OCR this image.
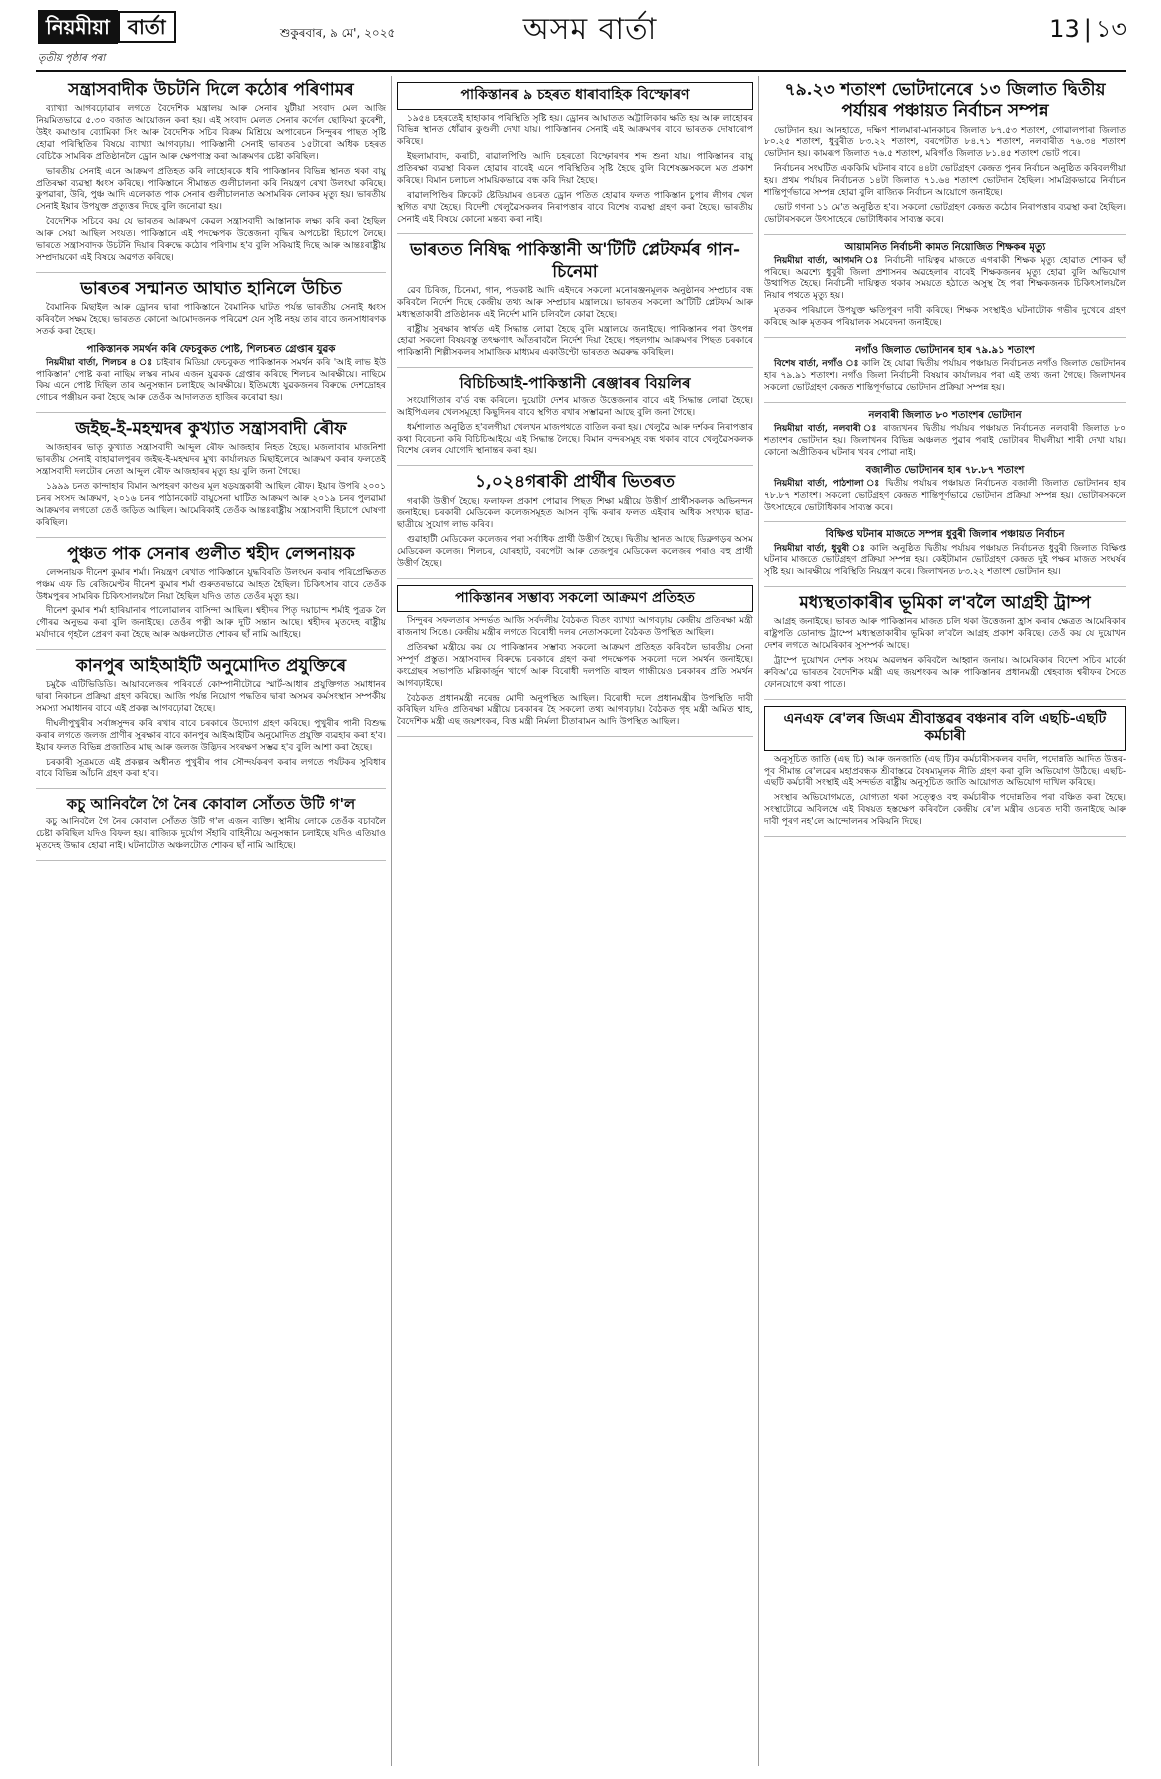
নিয়মীয়া বাৰ্তা	শুকুৰবাৰ, ৯ মে', ২০২৫	অসম বাৰ্তা	13 | ১৩
তৃতীয় পৃষ্ঠাৰ পৰা
সন্ত্ৰাসবাদীক উচটনি দিলে কঠোৰ পৰিণামৰ

ব্যাখ্যা আগবঢ়োৱাৰ লগতে বৈদেশিক মন্ত্ৰালয় আৰু সেনাৰ যুটীয়া সংবাদ মেল আজি নিয়মিতভাৱে ৫.৩০ বজাত আয়োজন কৰা হয়। এই সংবাদ মেলত সেনাৰ কৰ্ণেল ছোফিয়া কুৰেশী, উইং কমাণ্ডাৰ ব্যোমিকা সিং আৰু বৈদেশিক সচিব বিক্ৰম মিশ্ৰিয়ে অপাৰেচন সিন্দুৰৰ পাছত সৃষ্টি হোৱা পৰিস্থিতিৰ বিষয়ে ব্যাখ্যা আগবঢ়ায়। পাকিস্তানী সেনাই ভাৰতৰ ১৫টাৰো অধিক চহৰত বেচিকৈ সামৰিক প্ৰতিষ্ঠানলৈ ড্ৰোন আৰু ক্ষেপণাস্ত্ৰ কৰা আক্ৰমণৰ চেষ্টা কৰিছিল।

ভাৰতীয় সেনাই এনে আক্ৰমণ প্ৰতিহত কৰি লাহোৰকে ধৰি পাকিস্তানৰ বিভিন্ন স্থানত থকা বায়ু প্ৰতিৰক্ষা ব্যৱস্থা ধ্বংস কৰিছে। পাকিস্তানে সীমান্তত গুলীচালনা কৰি নিয়ন্ত্ৰণ ৰেখা উলংঘা কৰিছে। কুপৱাৰা, উৰি, পুঞ্চ আদি এলেকাত পাক সেনাৰ গুলীচালনাত অসামৰিক লোকৰ মৃত্যু হয়। ভাৰতীয় সেনাই ইয়াৰ উপযুক্ত প্ৰত্যুত্তৰ দিছে বুলি জনোৱা হয়।

বৈদেশিক সচিবে কয় যে ভাৰতৰ আক্ৰমণ কেৱল সন্ত্ৰাসবাদী আস্তানাক লক্ষ্য কৰি কৰা হৈছিল আৰু সেয়া আছিল সংযত। পাকিস্তানে এই পদক্ষেপক উত্তেজনা বৃদ্ধিৰ অপচেষ্টা হিচাপে লৈছে। ভাৰতে সন্ত্ৰাসবাদক উচটনি দিয়াৰ বিৰুদ্ধে কঠোৰ পৰিণাম হ'ব বুলি সকিয়াই দিছে আৰু আন্তঃৰাষ্ট্ৰীয় সম্প্ৰদায়কো এই বিষয়ে অৱগত কৰিছে।

ভাৰতৰ সন্মানত আঘাত হানিলে উচিত

বৈমানিক মিছাইল আৰু ড্ৰোনৰ দ্বাৰা পাকিস্তানে বৈমানিক ঘাটত পৰ্যন্ত ভাৰতীয় সেনাই ধ্বংস কৰিবলৈ সক্ষম হৈছে। ভাৰতত কোনো আমোদজনক পৰিৱেশ যেন সৃষ্টি নহয় তাৰ বাবে জনসাধাৰণক সতৰ্ক কৰা হৈছে।

পাকিস্তানক সমৰ্থন কৰি ফেচবুকত পোষ্ট, শিলচৰত গ্ৰেপ্তাৰ যুৱক

নিয়মীয়া বাৰ্তা, শিলচৰ ৪ ঃ চাইবাৰ মিডিয়া ফেচবুকত পাকিস্তানক সমৰ্থন কৰি 'আই লাভ ইউ পাকিস্তান' পোষ্ট কৰা নাছিম লস্কৰ নামৰ এজন যুৱকক গ্ৰেপ্তাৰ কৰিছে শিলচৰ আৰক্ষীয়ে। নাছিমে কিয় এনে পোষ্ট দিছিল তাৰ অনুসন্ধান চলাইছে আৰক্ষীয়ে। ইতিমধ্যে যুৱকজনৰ বিৰুদ্ধে দেশদ্ৰোহৰ গোচৰ পঞ্জীয়ন কৰা হৈছে আৰু তেওঁক আদালতত হাজিৰ কৰোৱা হয়।

জইছ-ই-মহম্মদৰ কুখ্যাত সন্ত্ৰাসবাদী ৰৌফ

আজহাৰৰ ভাতৃ কুখ্যাত সন্ত্ৰাসবাদী আব্দুল ৰৌফ আজহাৰ নিহত হৈছে। মজলাবাৰ মাজনিশা ভাৰতীয় সেনাই বাহাৱালপুৰৰ জইছ-ই-মহম্মদৰ মুখ্য কাৰ্যালয়ত মিছাইলেৰে আক্ৰমণ কৰাৰ ফলতেই সন্ত্ৰাসবাদী দলটোৰ নেতা আব্দুল ৰৌফ আজহাৰৰ মৃত্যু হয় বুলি জনা গৈছে।

১৯৯৯ চনত কান্দাহাৰ বিমান অপহৰণ কাণ্ডৰ মূল ষড়যন্ত্ৰকাৰী আছিল ৰৌফ। ইয়াৰ উপৰি ২০০১ চনৰ সংসদ আক্ৰমণ, ২০১৬ চনৰ পাঠানকোট বায়ুসেনা ঘাটিত আক্ৰমণ আৰু ২০১৯ চনৰ পুলৱামা আক্ৰমণৰ লগতো তেওঁ জড়িত আছিল। আমেৰিকাই তেওঁক আন্তঃৰাষ্ট্ৰীয় সন্ত্ৰাসবাদী হিচাপে ঘোষণা কৰিছিল।

পুঞ্চত পাক সেনাৰ গুলীত শ্বহীদ লেন্সনায়ক

লেন্সনায়ক দীনেশ কুমাৰ শৰ্মা। নিয়ন্ত্ৰণ ৰেখাত পাকিস্তানে যুদ্ধবিৰতি উলংঘন কৰাৰ পৰিপ্ৰেক্ষিতত পঞ্চম এফ ডি ৰেজিমেণ্টৰ দীনেশ কুমাৰ শৰ্মা গুৰুতৰভাৱে আহত হৈছিল। চিকিৎসাৰ বাবে তেওঁক উধমপুৰৰ সামৰিক চিকিৎসালয়লৈ নিয়া হৈছিল যদিও তাত তেওঁৰ মৃত্যু হয়।

দীনেশ কুমাৰ শৰ্মা হাৰিয়ানাৰ পালোৱালৰ বাসিন্দা আছিল। শ্বহীদৰ পিতৃ দয়াচান্দ শৰ্মাই পুত্ৰক লৈ গৌৰৱ অনুভৱ কৰা বুলি জনাইছে। তেওঁৰ পত্নী আৰু দুটি সন্তান আছে। শ্বহীদৰ মৃতদেহ ৰাষ্ট্ৰীয় মৰ্যাদাৰে গৃহলৈ প্ৰেৰণ কৰা হৈছে আৰু অঞ্চলটোত শোকৰ ছাঁ নামি আহিছে।

কানপুৰ আইআইটি অনুমোদিত প্ৰযুক্তিৰে

চমুকৈ এটিভিডিডি। আয়াবলেজৰ পৰিবৰ্তে কোম্পানীটোৱে স্মাৰ্ট-আধাৰ প্ৰযুক্তিগত সমাধানৰ দ্বাৰা নিকাচন প্ৰক্ৰিয়া গ্ৰহণ কৰিছে। আজি পৰ্যন্ত নিয়োগ পদ্ধতিৰ দ্বাৰা অসমৰ কৰ্মসংস্থান সম্পৰ্কীয় সমস্যা সমাধানৰ বাবে এই প্ৰকল্প আগবঢ়োৱা হৈছে।

দীঘলীপুখুৰীৰ সৰ্বাঙ্গসুন্দৰ কৰি ৰখাৰ বাবে চৰকাৰে উদ্যোগ গ্ৰহণ কৰিছে। পুখুৰীৰ পানী বিশুদ্ধ কৰাৰ লগতে জলজ প্ৰাণীৰ সুৰক্ষাৰ বাবে কানপুৰ আইআইটিৰ অনুমোদিত প্ৰযুক্তি ব্যৱহাৰ কৰা হ'ব। ইয়াৰ ফলত বিভিন্ন প্ৰজাতিৰ মাছ আৰু জলজ উদ্ভিদৰ সংৰক্ষণ সম্ভৱ হ'ব বুলি আশা কৰা হৈছে।

চৰকাৰী সূত্ৰমতে এই প্ৰকল্পৰ অধীনত পুখুৰীৰ পাৰ সৌন্দৰ্যকৰণ কৰাৰ লগতে পৰ্যটকৰ সুবিধাৰ বাবে বিভিন্ন আঁচনি গ্ৰহণ কৰা হ'ব।

কচু আনিবলৈ গৈ নৈৰ কোবাল সোঁতত উটি গ'ল

কচু আনিবলৈ গৈ নৈৰ কোবাল সোঁতত উটি গ'ল এজন ব্যক্তি। স্থানীয় লোকে তেওঁক বচাবলৈ চেষ্টা কৰিছিল যদিও বিফল হয়। ৰাজ্যিক দুৰ্যোগ সঁহাৰি বাহিনীয়ে অনুসন্ধান চলাইছে যদিও এতিয়াও মৃতদেহ উদ্ধাৰ হোৱা নাই। ঘটনাটোত অঞ্চলটোত শোকৰ ছাঁ নামি আহিছে।

পাকিস্তানৰ ৯ চহৰত ধাৰাবাহিক বিস্ফোৰণ

১৯৫৪ চহৰতেই হাহাকাৰ পৰিস্থিতি সৃষ্টি হয়। ড্ৰোনৰ আঘাতত অট্টালিকাৰ ক্ষতি হয় আৰু লাহোৰৰ বিভিন্ন স্থানত ধোঁৱাৰ কুণ্ডলী দেখা যায়। পাকিস্তানৰ সেনাই এই আক্ৰমণৰ বাবে ভাৰতক দোষাৰোপ কৰিছে।

ইছলামাবাদ, কৰাচী, ৰাৱালপিণ্ডি আদি চহৰতো বিস্ফোৰণৰ শব্দ শুনা যায়। পাকিস্তানৰ বায়ু প্ৰতিৰক্ষা ব্যৱস্থা বিকল হোৱাৰ বাবেই এনে পৰিস্থিতিৰ সৃষ্টি হৈছে বুলি বিশেষজ্ঞসকলে মত প্ৰকাশ কৰিছে। বিমান চলাচল সাময়িকভাৱে বন্ধ কৰি দিয়া হৈছে।

ৰাৱালপিণ্ডিৰ ক্ৰিকেট ষ্টেডিয়ামৰ ওচৰত ড্ৰোন পতিত হোৱাৰ ফলত পাকিস্তান চুপাৰ লীগৰ খেল স্থগিত ৰখা হৈছে। বিদেশী খেলুৱৈসকলৰ নিৰাপত্তাৰ বাবে বিশেষ ব্যৱস্থা গ্ৰহণ কৰা হৈছে। ভাৰতীয় সেনাই এই বিষয়ে কোনো মন্তব্য কৰা নাই।

ভাৰতত নিষিদ্ধ পাকিস্তানী অ'টিটি প্লেটফৰ্মৰ গান-চিনেমা

ৱেব চিৰিজ, চিনেমা, গান, পডকাষ্ট আদি এইদৰে সকলো মনোৰঞ্জনমূলক অনুষ্ঠানৰ সম্প্ৰচাৰ বন্ধ কৰিবলৈ নিৰ্দেশ দিছে কেন্দ্ৰীয় তথ্য আৰু সম্প্ৰচাৰ মন্ত্ৰালয়ে। ভাৰতৰ সকলো অ'টিটি প্লেটফৰ্ম আৰু মধ্যস্থতাকাৰী প্ৰতিষ্ঠানক এই নিৰ্দেশ মানি চলিবলৈ কোৱা হৈছে।

ৰাষ্ট্ৰীয় সুৰক্ষাৰ স্বাৰ্থত এই সিদ্ধান্ত লোৱা হৈছে বুলি মন্ত্ৰালয়ে জনাইছে। পাকিস্তানৰ পৰা উৎপন্ন হোৱা সকলো বিষয়বস্তু তৎক্ষণাৎ আঁতৰাবলৈ নিৰ্দেশ দিয়া হৈছে। পহলগাম আক্ৰমণৰ পিছত চৰকাৰে পাকিস্তানী শিল্পীসকলৰ সামাজিক মাধ্যমৰ একাউণ্টো ভাৰতত অৱৰুদ্ধ কৰিছিল।

বিচিচিআই-পাকিস্তানী ৰেঞ্জাৰৰ বিয়লিৰ

সংযোগিতাৰ ব'ৰ্ড বন্ধ কৰিলে। দুয়োটা দেশৰ মাজত উত্তেজনাৰ বাবে এই সিদ্ধান্ত লোৱা হৈছে। আইপিএলৰ খেলসমূহো কিছুদিনৰ বাবে স্থগিত ৰখাৰ সম্ভাৱনা আছে বুলি জনা গৈছে।

ধৰ্মশালাত অনুষ্ঠিত হ'বলগীয়া খেলখন মাজপথতে বাতিল কৰা হয়। খেলুৱৈ আৰু দৰ্শকৰ নিৰাপত্তাৰ কথা বিবেচনা কৰি বিচিচিআইয়ে এই সিদ্ধান্ত লৈছে। বিমান বন্দৰসমূহ বন্ধ থকাৰ বাবে খেলুৱৈসকলক বিশেষ ৰেলৰ যোগেদি স্থানান্তৰ কৰা হয়।

১,০২৪গৰাকী প্ৰাৰ্থীৰ ভিতৰত

গৰাকী উত্তীৰ্ণ হৈছে। ফলাফল প্ৰকাশ পোৱাৰ পিছত শিক্ষা মন্ত্ৰীয়ে উত্তীৰ্ণ প্ৰাৰ্থীসকলক অভিনন্দন জনাইছে। চৰকাৰী মেডিকেল কলেজসমূহত আসন বৃদ্ধি কৰাৰ ফলত এইবাৰ অধিক সংখ্যক ছাত্ৰ-ছাত্ৰীয়ে সুযোগ লাভ কৰিব।

গুৱাহাটী মেডিকেল কলেজৰ পৰা সৰ্বাধিক প্ৰাৰ্থী উত্তীৰ্ণ হৈছে। দ্বিতীয় স্থানত আছে ডিব্ৰুগড়ৰ অসম মেডিকেল কলেজ। শিলচৰ, যোৰহাট, বৰপেটা আৰু তেজপুৰ মেডিকেল কলেজৰ পৰাও বহু প্ৰাৰ্থী উত্তীৰ্ণ হৈছে।

পাকিস্তানৰ সম্ভাব্য সকলো আক্ৰমণ প্ৰতিহত

সিন্দুৰৰ সফলতাৰ সন্দৰ্ভত আজি সৰ্বদলীয় বৈঠকত বিতং ব্যাখ্যা আগবঢ়ায় কেন্দ্ৰীয় প্ৰতিৰক্ষা মন্ত্ৰী ৰাজনাথ সিঙে। কেন্দ্ৰীয় মন্ত্ৰীৰ লগতে বিৰোধী দলৰ নেতাসকলো বৈঠকত উপস্থিত আছিল।

প্ৰতিৰক্ষা মন্ত্ৰীয়ে কয় যে পাকিস্তানৰ সম্ভাব্য সকলো আক্ৰমণ প্ৰতিহত কৰিবলৈ ভাৰতীয় সেনা সম্পূৰ্ণ প্ৰস্তুত। সন্ত্ৰাসবাদৰ বিৰুদ্ধে চৰকাৰে গ্ৰহণ কৰা পদক্ষেপক সকলো দলে সমৰ্থন জনাইছে। কংগ্ৰেছৰ সভাপতি মল্লিকাৰ্জুন খাৰ্গে আৰু বিৰোধী দলপতি ৰাহুল গান্ধীয়েও চৰকাৰৰ প্ৰতি সমৰ্থন আগবঢ়াইছে।

বৈঠকত প্ৰধানমন্ত্ৰী নৰেন্দ্ৰ মোদী অনুপস্থিত আছিল। বিৰোধী দলে প্ৰধানমন্ত্ৰীৰ উপস্থিতি দাবী কৰিছিল যদিও প্ৰতিৰক্ষা মন্ত্ৰীয়ে চৰকাৰৰ হৈ সকলো তথ্য আগবঢ়ায়। বৈঠকত গৃহ মন্ত্ৰী অমিত শ্বাহ, বৈদেশিক মন্ত্ৰী এছ জয়শংকৰ, বিত্ত মন্ত্ৰী নিৰ্মলা চীতাৰামন আদি উপস্থিত আছিল।

৭৯.২৩ শতাংশ ভোটদানেৰে ১৩ জিলাত দ্বিতীয় পৰ্যায়ৰ পঞ্চায়ত নিৰ্বাচন সম্পন্ন

ভোটদান হয়। আনহাতে, দক্ষিণ শালমাৰা-মানকাচৰ জিলাত ৮৭.৫৩ শতাংশ, গোৱালপাৰা জিলাত ৮০.২৫ শতাংশ, ধুবুৰীত ৮৩.২২ শতাংশ, বৰপেটাত ৮৪.৭১ শতাংশ, নলবাৰীত ৭৬.৩৪ শতাংশ ভোটদান হয়। কামৰূপ জিলাত ৭৬.৫ শতাংশ, মৰিগাঁও জিলাত ৮১.৪৫ শতাংশ ভোট পৰে।

নিৰ্বাচনৰ সংঘটিত এককিমি ঘটনাৰ বাবে ৪৪টা ভোটগ্ৰহণ কেন্দ্ৰত পুনৰ নিৰ্বাচন অনুষ্ঠিত কৰিবলগীয়া হয়। প্ৰথম পৰ্যায়ৰ নিৰ্বাচনত ১৪টা জিলাত ৭১.৬৪ শতাংশ ভোটদান হৈছিল। সামগ্ৰিকভাৱে নিৰ্বাচন শান্তিপূৰ্ণভাৱে সম্পন্ন হোৱা বুলি ৰাজ্যিক নিৰ্বাচন আয়োগে জনাইছে।

ভোট গণনা ১১ মে'ত অনুষ্ঠিত হ'ব। সকলো ভোটগ্ৰহণ কেন্দ্ৰত কঠোৰ নিৰাপত্তাৰ ব্যৱস্থা কৰা হৈছিল। ভোটাৰসকলে উৎসাহেৰে ভোটাধিকাৰ সাব্যস্ত কৰে।

আয়ামনিত নিৰ্বাচনী কামত নিয়োজিত শিক্ষকৰ মৃত্যু

নিয়মীয়া বাৰ্তা, আগমনি ঃ নিৰ্বাচনী দায়িত্বৰ মাজতে এগৰাকী শিক্ষক মৃত্যু হোৱাত শোকৰ ছাঁ পৰিছে। অৱশ্যে ধুবুৰী জিলা প্ৰশাসনৰ অৱহেলাৰ বাবেই শিক্ষকজনৰ মৃত্যু হোৱা বুলি অভিযোগ উত্থাপিত হৈছে। নিৰ্বাচনী দায়িত্বত থকাৰ সময়তে হঠাতে অসুস্থ হৈ পৰা শিক্ষকজনক চিকিৎসালয়লৈ নিয়াৰ পথতে মৃত্যু হয়।

মৃতকৰ পৰিয়ালে উপযুক্ত ক্ষতিপূৰণ দাবী কৰিছে। শিক্ষক সংস্থাইও ঘটনাটোক গভীৰ দুখেৰে গ্ৰহণ কৰিছে আৰু মৃতকৰ পৰিয়ালক সমবেদনা জনাইছে।

নগাঁও জিলাত ভোটদানৰ হাৰ ৭৯.৯১ শতাংশ

বিশেষ বাৰ্তা, নগাঁও ঃ কালি হৈ যোৱা দ্বিতীয় পৰ্যায়ৰ পঞ্চায়ত নিৰ্বাচনত নগাঁও জিলাত ভোটদানৰ হাৰ ৭৯.৯১ শতাংশ। নগাঁও জিলা নিৰ্বাচনী বিষয়াৰ কাৰ্যালয়ৰ পৰা এই তথ্য জনা গৈছে। জিলাখনৰ সকলো ভোটগ্ৰহণ কেন্দ্ৰত শান্তিপূৰ্ণভাৱে ভোটদান প্ৰক্ৰিয়া সম্পন্ন হয়।

নলবাৰী জিলাত ৮০ শতাংশৰ ভোটদান

নিয়মীয়া বাৰ্তা, নলবাৰী ঃ ৰাজ্যখনৰ দ্বিতীয় পৰ্যায়ৰ পঞ্চায়ত নিৰ্বাচনত নলবাৰী জিলাত ৮০ শতাংশৰ ভোটদান হয়। জিলাখনৰ বিভিন্ন অঞ্চলত পুৱাৰ পৰাই ভোটাৰৰ দীঘলীয়া শাৰী দেখা যায়। কোনো অপ্ৰীতিকৰ ঘটনাৰ খবৰ পোৱা নাই।

বজালীত ভোটদানৰ হাৰ ৭৮.৮৭ শতাংশ

নিয়মীয়া বাৰ্তা, পাঠশালা ঃ দ্বিতীয় পৰ্যায়ৰ পঞ্চায়ত নিৰ্বাচনত বজালী জিলাত ভোটদানৰ হাৰ ৭৮.৮৭ শতাংশ। সকলো ভোটগ্ৰহণ কেন্দ্ৰত শান্তিপূৰ্ণভাৱে ভোটদান প্ৰক্ৰিয়া সম্পন্ন হয়। ভোটাৰসকলে উৎসাহেৰে ভোটাধিকাৰ সাব্যস্ত কৰে।

বিক্ষিপ্ত ঘটনাৰ মাজতে সম্পন্ন ধুবুৰী জিলাৰ পঞ্চায়ত নিৰ্বাচন

নিয়মীয়া বাৰ্তা, ধুবুৰী ঃ কালি অনুষ্ঠিত দ্বিতীয় পৰ্যায়ৰ পঞ্চায়ত নিৰ্বাচনত ধুবুৰী জিলাত বিক্ষিপ্ত ঘটনাৰ মাজতে ভোটগ্ৰহণ প্ৰক্ৰিয়া সম্পন্ন হয়। কেইটামান ভোটগ্ৰহণ কেন্দ্ৰত দুই পক্ষৰ মাজত সংঘৰ্ষৰ সৃষ্টি হয়। আৰক্ষীয়ে পৰিস্থিতি নিয়ন্ত্ৰণ কৰে। জিলাখনত ৮৩.২২ শতাংশ ভোটদান হয়।

মধ্যস্থতাকাৰীৰ ভূমিকা ল'বলৈ আগ্ৰহী ট্ৰাম্প

আগ্ৰহ জনাইছে। ভাৰত আৰু পাকিস্তানৰ মাজত চলি থকা উত্তেজনা হ্ৰাস কৰাৰ ক্ষেত্ৰত আমেৰিকাৰ ৰাষ্ট্ৰপতি ডোনাল্ড ট্ৰাম্পে মধ্যস্থতাকাৰীৰ ভূমিকা ল'বলৈ আগ্ৰহ প্ৰকাশ কৰিছে। তেওঁ কয় যে দুয়োখন দেশৰ লগতে আমেৰিকাৰ সুসম্পৰ্ক আছে।

ট্ৰাম্পে দুয়োখন দেশক সংযম অৱলম্বন কৰিবলৈ আহ্বান জনায়। আমেৰিকাৰ বিদেশ সচিব মাৰ্কো ৰুবিঅ'ৱে ভাৰতৰ বৈদেশিক মন্ত্ৰী এছ জয়শংকৰ আৰু পাকিস্তানৰ প্ৰধানমন্ত্ৰী শ্বেহবাজ শ্বৰীফৰ সৈতে ফোনযোগে কথা পাতে।

এনএফ ৰে'লৰ জিএম শ্ৰীবাস্তৱৰ বঞ্চনাৰ বলি এছচি-এছটি কৰ্মচাৰী

অনুসূচিত জাতি (এছ চি) আৰু জনজাতি (এছ টি)ৰ কৰ্মচাৰীসকলৰ বদলি, পদোন্নতি আদিত উত্তৰ-পূব সীমান্ত ৰে'লৱেৰ মহাপ্ৰবন্ধক শ্ৰীবাস্তৱে বৈষম্যমূলক নীতি গ্ৰহণ কৰা বুলি অভিযোগ উঠিছে। এছচি-এছটি কৰ্মচাৰী সংস্থাই এই সন্দৰ্ভত ৰাষ্ট্ৰীয় অনুসূচিত জাতি আয়োগত অভিযোগ দাখিল কৰিছে।

সংস্থাৰ অভিযোগমতে, যোগ্যতা থকা সত্ত্বেও বহু কৰ্মচাৰীক পদোন্নতিৰ পৰা বঞ্চিত কৰা হৈছে। সংস্থাটোৱে অবিলম্বে এই বিষয়ত হস্তক্ষেপ কৰিবলৈ কেন্দ্ৰীয় ৰে'ল মন্ত্ৰীৰ ওচৰত দাবী জনাইছে আৰু দাবী পূৰণ নহ'লে আন্দোলনৰ সকিয়নি দিছে।
